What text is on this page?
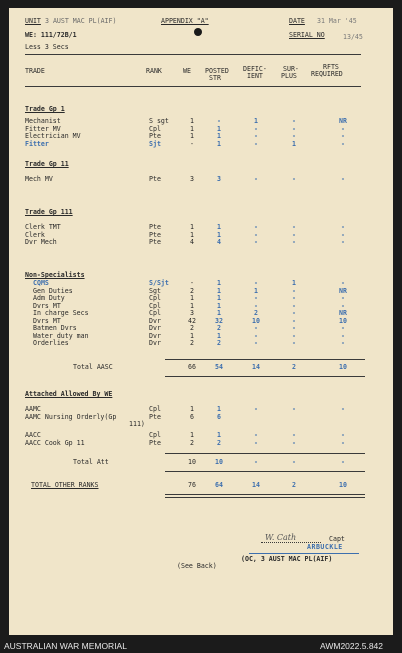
UNIT 3 AUST MAC PL(AIF)	APPENDIX "A"	DATE 31 Mar '45
WE: 111/72B/1	SERIAL NO	13/45
Less 3 Secs
TRADE	RANK	WE POSTED
STR
DEFIC-
IENT
SUR-
PLUS
RFTS
REQUIRED
Trade Gp 1
Mechanist	S sgt	1	-	1	-	NR
Fitter MV	Cpl	1	1	-	-	-
Electrician MV	Pte	1	1	-	-	-
Fitter	Sjt	-	1	-	1	-
Trade Gp 11
Mech MV	Pte	3	3	-	-	-
Trade Gp 111
Clerk TMT	Pte	1	1	-	-	-
Clerk	Pte	1	1	-	-	-
Dvr Mech	Pte	4	4	-	-	-
Non-Specialists
CQMS	S/Sjt	-	1	-	1	-
Gen Duties	Sgt	2	1	1	-	NR
Adm Duty	Cpl	1	1	-	-	-
Dvrs MT	Cpl	1	1	-	-	-
In charge Secs	Cpl	3	1	2	-	NR
Dvrs MT	Dvr	42	32	10	-	10
Batmen Dvrs	Dvr	2	2	-	-	-
Water duty man	Dvr	1	1	-	-	-
Orderlies	Dvr	2	2	-	-	-
Total AASC	66	54	14	2	10
Attached Allowed By WE
AAMC	Cpl	1	1	-	-	-
AAMC Nursing Orderly(Gp	Pte	6	6
111)
AACC	Cpl	1	1	-	-	-
AACC Cook Gp 11	Pte	2	2	-	-	-
Total Att	10	10	-	-	-
TOTAL OTHER RANKS	76	64	14	2	10
W. Cath	Capt
ARBUCKLE
(OC, 3 AUST MAC PL(AIF)
(See Back)
AUSTRALIAN WAR MEMORIAL	AWM2022.5.842
